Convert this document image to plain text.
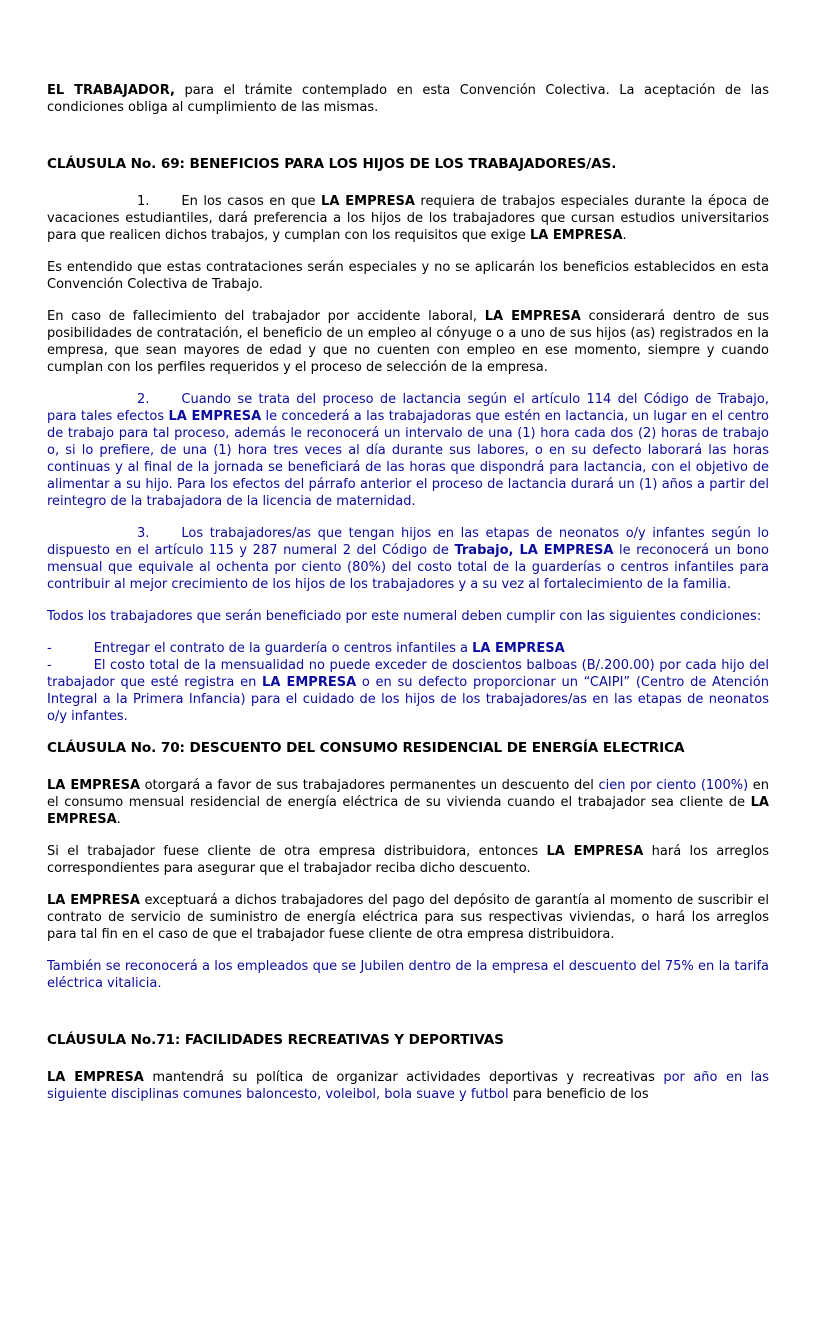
EL TRABAJADOR, para el trámite contemplado en esta Convención Colectiva. La aceptación de las condiciones obliga al cumplimiento de las mismas.
CLÁUSULA No. 69: BENEFICIOS PARA LOS HIJOS DE LOS TRABAJADORES/AS.
1. En los casos en que LA EMPRESA requiera de trabajos especiales durante la época de vacaciones estudiantiles, dará preferencia a los hijos de los trabajadores que cursan estudios universitarios para que realicen dichos trabajos, y cumplan con los requisitos que exige LA EMPRESA.
Es entendido que estas contrataciones serán especiales y no se aplicarán los beneficios establecidos en esta Convención Colectiva de Trabajo.
En caso de fallecimiento del trabajador por accidente laboral, LA EMPRESA considerará dentro de sus posibilidades de contratación, el beneficio de un empleo al cónyuge o a uno de sus hijos (as) registrados en la empresa, que sean mayores de edad y que no cuenten con empleo en ese momento, siempre y cuando cumplan con los perfiles requeridos y el proceso de selección de la empresa.
2. Cuando se trata del proceso de lactancia según el artículo 114 del Código de Trabajo, para tales efectos LA EMPRESA le concederá a las trabajadoras que estén en lactancia, un lugar en el centro de trabajo para tal proceso, además le reconocerá un intervalo de una (1) hora cada dos (2) horas de trabajo o, si lo prefiere, de una (1) hora tres veces al día durante sus labores, o en su defecto laborará las horas continuas y al final de la jornada se beneficiará de las horas que dispondrá para lactancia, con el objetivo de alimentar a su hijo. Para los efectos del párrafo anterior el proceso de lactancia durará un (1) años a partir del reintegro de la trabajadora de la licencia de maternidad.
3. Los trabajadores/as que tengan hijos en las etapas de neonatos o/y infantes según lo dispuesto en el artículo 115 y 287 numeral 2 del Código de Trabajo, LA EMPRESA le reconocerá un bono mensual que equivale al ochenta por ciento (80%) del costo total de la guarderías o centros infantiles para contribuir al mejor crecimiento de los hijos de los trabajadores y a su vez al fortalecimiento de la familia.
Todos los trabajadores que serán beneficiado por este numeral deben cumplir con las siguientes condiciones:
-	Entregar el contrato de la guardería o centros infantiles a LA EMPRESA
-	El costo total de la mensualidad no puede exceder de doscientos balboas (B/.200.00) por cada hijo del trabajador que esté registra en LA EMPRESA o en su defecto proporcionar un “CAIPI” (Centro de Atención Integral a la Primera Infancia) para el cuidado de los hijos de los trabajadores/as en las etapas de neonatos o/y infantes.
CLÁUSULA No. 70: DESCUENTO DEL CONSUMO RESIDENCIAL DE ENERGÍA ELECTRICA
LA EMPRESA otorgará a favor de sus trabajadores permanentes un descuento del cien por ciento (100%) en el consumo mensual residencial de energía eléctrica de su vivienda cuando el trabajador sea cliente de LA EMPRESA.
Si el trabajador fuese cliente de otra empresa distribuidora, entonces LA EMPRESA hará los arreglos correspondientes para asegurar que el trabajador reciba dicho descuento.
LA EMPRESA exceptuará a dichos trabajadores del pago del depósito de garantía al momento de suscribir el contrato de servicio de suministro de energía eléctrica para sus respectivas viviendas, o hará los arreglos para tal fin en el caso de que el trabajador fuese cliente de otra empresa distribuidora.
También se reconocerá a los empleados que se Jubilen dentro de la empresa el descuento del 75% en la tarifa eléctrica vitalicia.
CLÁUSULA No.71: FACILIDADES RECREATIVAS Y DEPORTIVAS
LA EMPRESA mantendrá su política de organizar actividades deportivas y recreativas por año en las siguiente disciplinas comunes baloncesto, voleibol, bola suave y futbol para beneficio de los
